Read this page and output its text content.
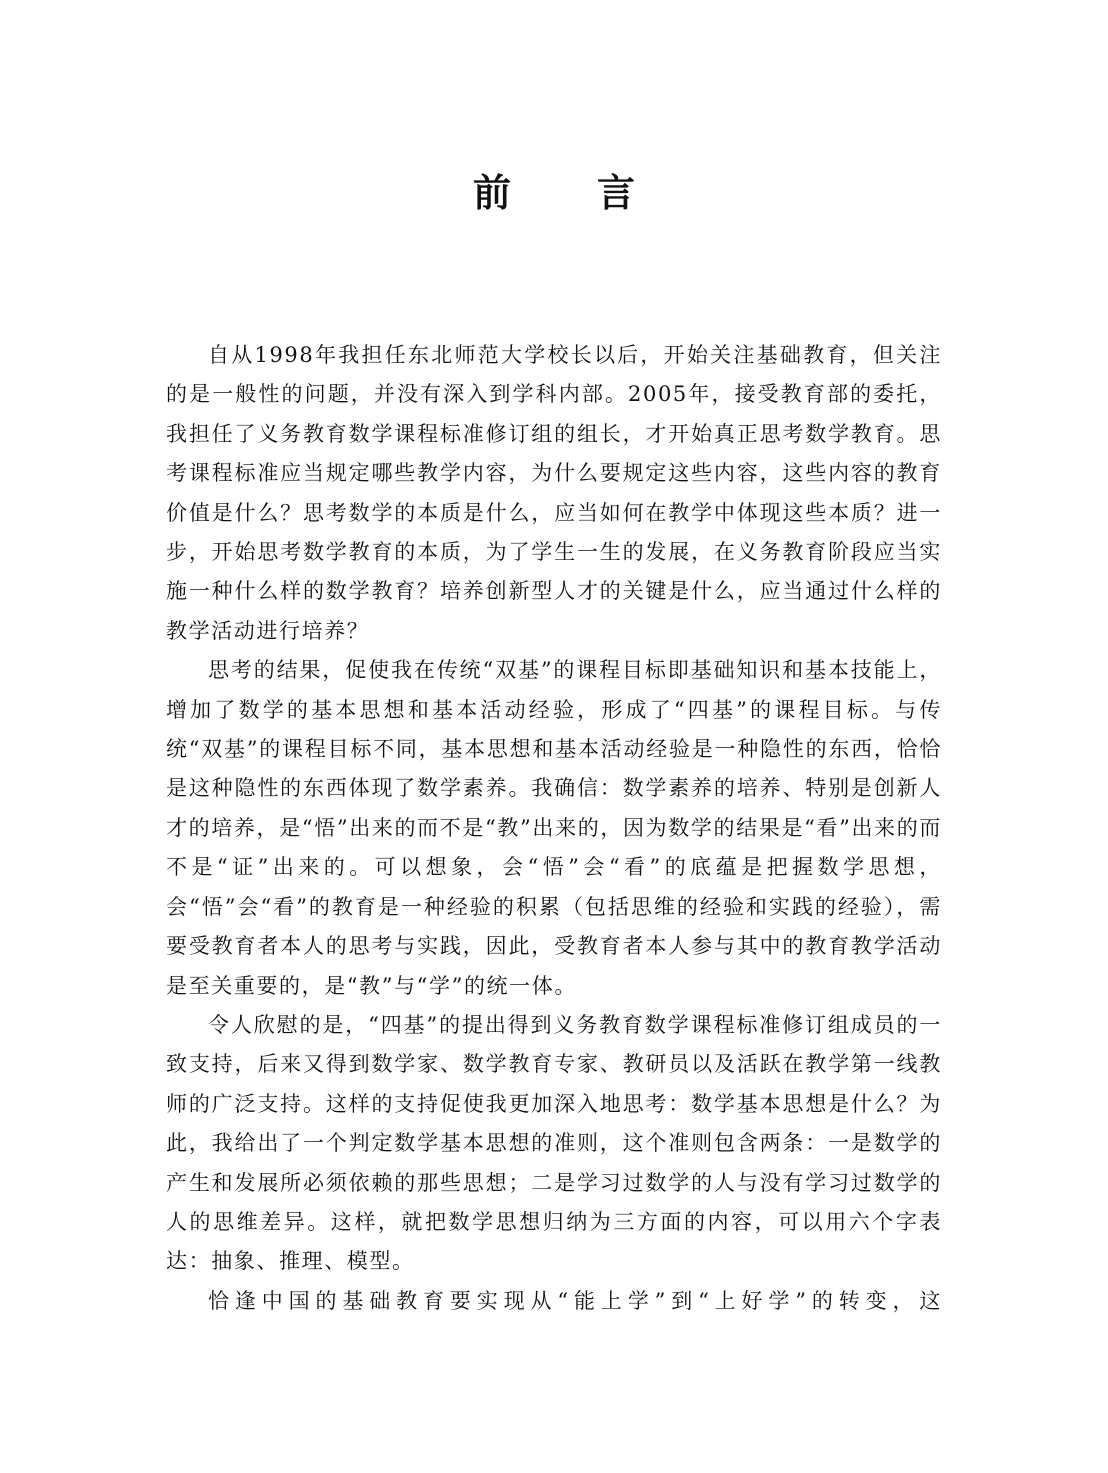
前 言

自从1998年我担任东北师范大学校长以后，开始关注基础教育，但关注的是一般性的问题，并没有深入到学科内部。2005年，接受教育部的委托，我担任了义务教育数学课程标准修订组的组长，才开始真正思考数学教育。思考课程标准应当规定哪些教学内容，为什么要规定这些内容，这些内容的教育价值是什么？思考数学的本质是什么，应当如何在教学中体现这些本质？进一步，开始思考数学教育的本质，为了学生一生的发展，在义务教育阶段应当实施一种什么样的数学教育？培养创新型人才的关键是什么，应当通过什么样的教学活动进行培养？

思考的结果，促使我在传统“双基”的课程目标即基础知识和基本技能上，增加了数学的基本思想和基本活动经验，形成了“四基”的课程目标。与传统“双基”的课程目标不同，基本思想和基本活动经验是一种隐性的东西，恰恰是这种隐性的东西体现了数学素养。我确信：数学素养的培养、特别是创新人才的培养，是“悟”出来的而不是“教”出来的，因为数学的结果是“看”出来的而不是“证”出来的。可以想象，会“悟”会“看”的底蕴是把握数学思想，会“悟”会“看”的教育是一种经验的积累（包括思维的经验和实践的经验），需要受教育者本人的思考与实践，因此，受教育者本人参与其中的教育教学活动是至关重要的，是“教”与“学”的统一体。

令人欣慰的是，“四基”的提出得到义务教育数学课程标准修订组成员的一致支持，后来又得到数学家、数学教育专家、教研员以及活跃在教学第一线教师的广泛支持。这样的支持促使我更加深入地思考：数学基本思想是什么？为此，我给出了一个判定数学基本思想的准则，这个准则包含两条：一是数学的产生和发展所必须依赖的那些思想；二是学习过数学的人与没有学习过数学的人的思维差异。这样，就把数学思想归纳为三方面的内容，可以用六个字表达：抽象、推理、模型。

恰逢中国的基础教育要实现从“能上学”到“上好学”的转变，这
